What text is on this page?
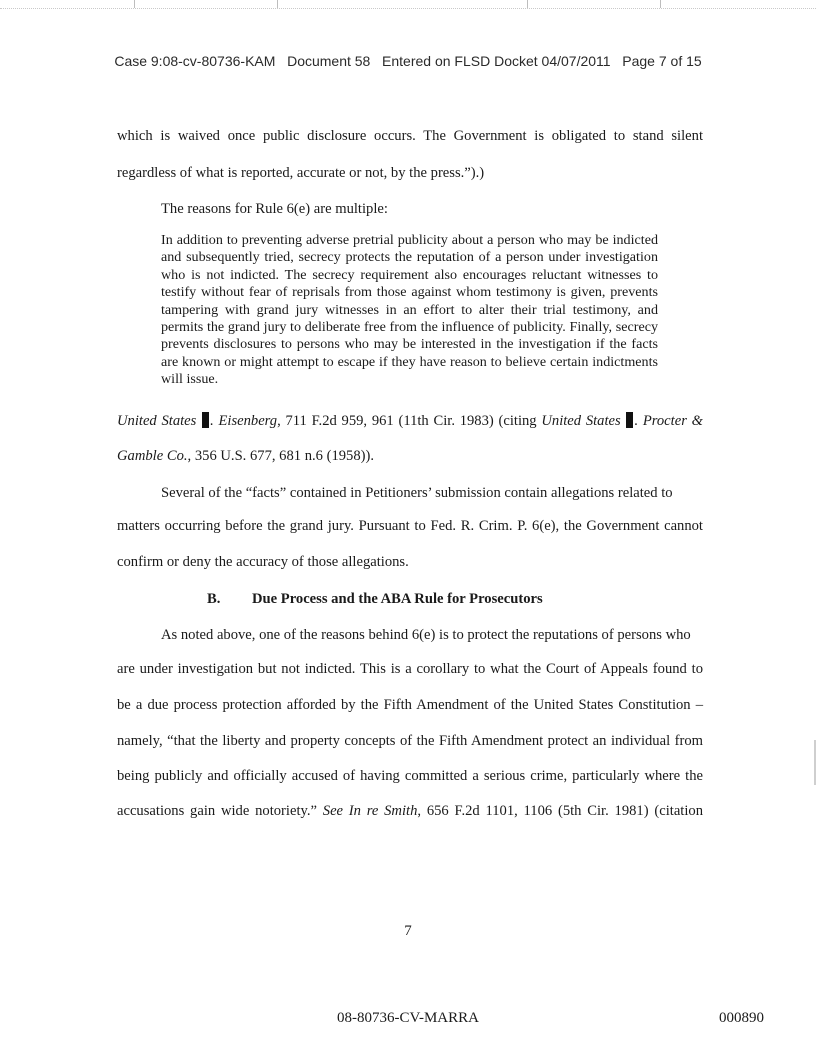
Case 9:08-cv-80736-KAM Document 58 Entered on FLSD Docket 04/07/2011 Page 7 of 15
which is waived once public disclosure occurs. The Government is obligated to stand silent
regardless of what is reported, accurate or not, by the press.”).)
The reasons for Rule 6(e) are multiple:
In addition to preventing adverse pretrial publicity about a person who may be indicted and subsequently tried, secrecy protects the reputation of a person under investigation who is not indicted. The secrecy requirement also encourages reluctant witnesses to testify without fear of reprisals from those against whom testimony is given, prevents tampering with grand jury witnesses in an effort to alter their trial testimony, and permits the grand jury to deliberate free from the influence of publicity. Finally, secrecy prevents disclosures to persons who may be interested in the investigation if the facts are known or might attempt to escape if they have reason to believe certain indictments will issue.
United States . Eisenberg, 711 F.2d 959, 961 (11th Cir. 1983) (citing United States . Procter &
Gamble Co., 356 U.S. 677, 681 n.6 (1958)).
Several of the “facts” contained in Petitioners’ submission contain allegations related to
matters occurring before the grand jury. Pursuant to Fed. R. Crim. P. 6(e), the Government cannot
confirm or deny the accuracy of those allegations.
B. Due Process and the ABA Rule for Prosecutors
As noted above, one of the reasons behind 6(e) is to protect the reputations of persons who
are under investigation but not indicted. This is a corollary to what the Court of Appeals found to
be a due process protection afforded by the Fifth Amendment of the United States Constitution –
namely, “that the liberty and property concepts of the Fifth Amendment protect an individual from
being publicly and officially accused of having committed a serious crime, particularly where the
accusations gain wide notoriety.” See In re Smith, 656 F.2d 1101, 1106 (5th Cir. 1981) (citation
7
08-80736-CV-MARRA	000890
